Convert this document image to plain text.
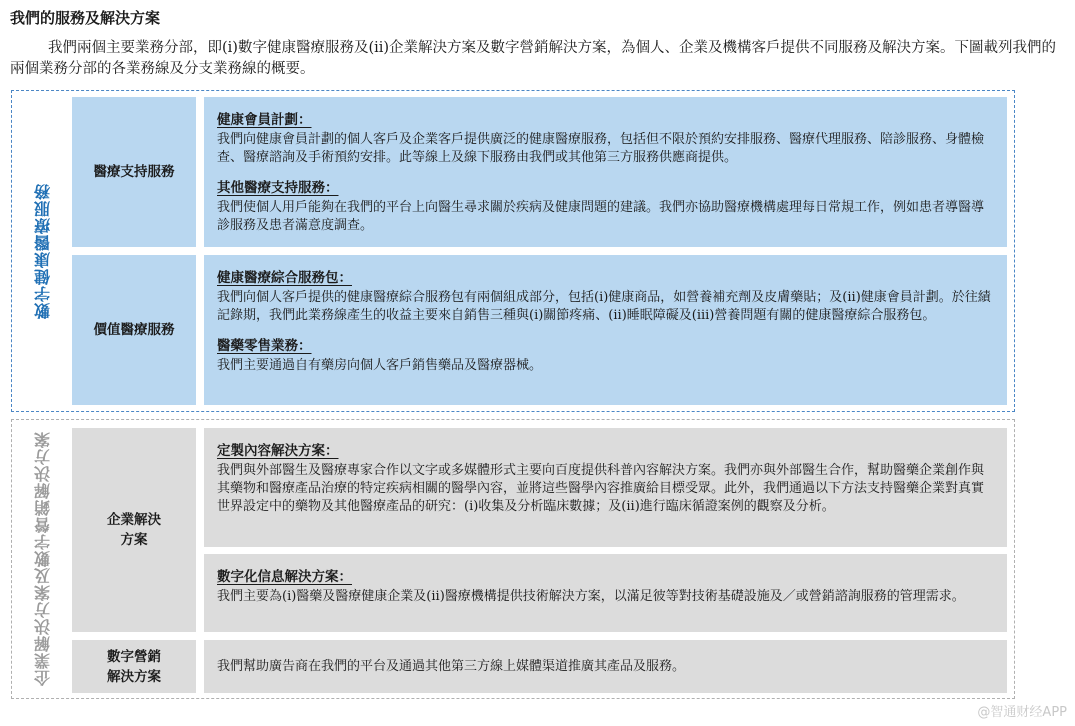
我們的服務及解決方案

我們兩個主要業務分部，即(i)數字健康醫療服務及(ii)企業解決方案及數字營銷解決方案，為個人、企業及機構客戶提供不同服務及解決方案。下圖載列我們的兩個業務分部的各業務線及分支業務線的概要。

數字健康醫療服務
醫療支持服務
健康會員計劃：
我們向健康會員計劃的個人客戶及企業客戶提供廣泛的健康醫療服務，包括但不限於預約安排服務、醫療代理服務、陪診服務、身體檢查、醫療諮詢及手術預約安排。此等線上及線下服務由我們或其他第三方服務供應商提供。
其他醫療支持服務：
我們使個人用戶能夠在我們的平台上向醫生尋求關於疾病及健康問題的建議。我們亦協助醫療機構處理每日常規工作，例如患者導醫導診服務及患者滿意度調查。
價值醫療服務
健康醫療綜合服務包：
我們向個人客戶提供的健康醫療綜合服務包有兩個組成部分，包括(i)健康商品，如營養補充劑及皮膚藥貼；及(ii)健康會員計劃。於往績記錄期，我們此業務線產生的收益主要來自銷售三種與(i)關節疼痛、(ii)睡眠障礙及(iii)營養問題有關的健康醫療綜合服務包。
醫藥零售業務：
我們主要通過自有藥房向個人客戶銷售藥品及醫療器械。
企業解決方案及數字營銷解決方案	企業解決方案
定製內容解決方案：
我們與外部醫生及醫療專家合作以文字或多媒體形式主要向百度提供科普內容解決方案。我們亦與外部醫生合作，幫助醫藥企業創作與其藥物和醫療產品治療的特定疾病相關的醫學內容，並將這些醫學內容推廣給目標受眾。此外，我們通過以下方法支持醫藥企業對真實世界設定中的藥物及其他醫療產品的研究：(i)收集及分析臨床數據；及(ii)進行臨床循證案例的觀察及分析。
數字化信息解決方案：
我們主要為(i)醫藥及醫療健康企業及(ii)醫療機構提供技術解決方案，以滿足彼等對技術基礎設施及／或營銷諮詢服務的管理需求。
數字營銷解決方案
我們幫助廣告商在我們的平台及通過其他第三方線上媒體渠道推廣其產品及服務。
@智通财经APP
